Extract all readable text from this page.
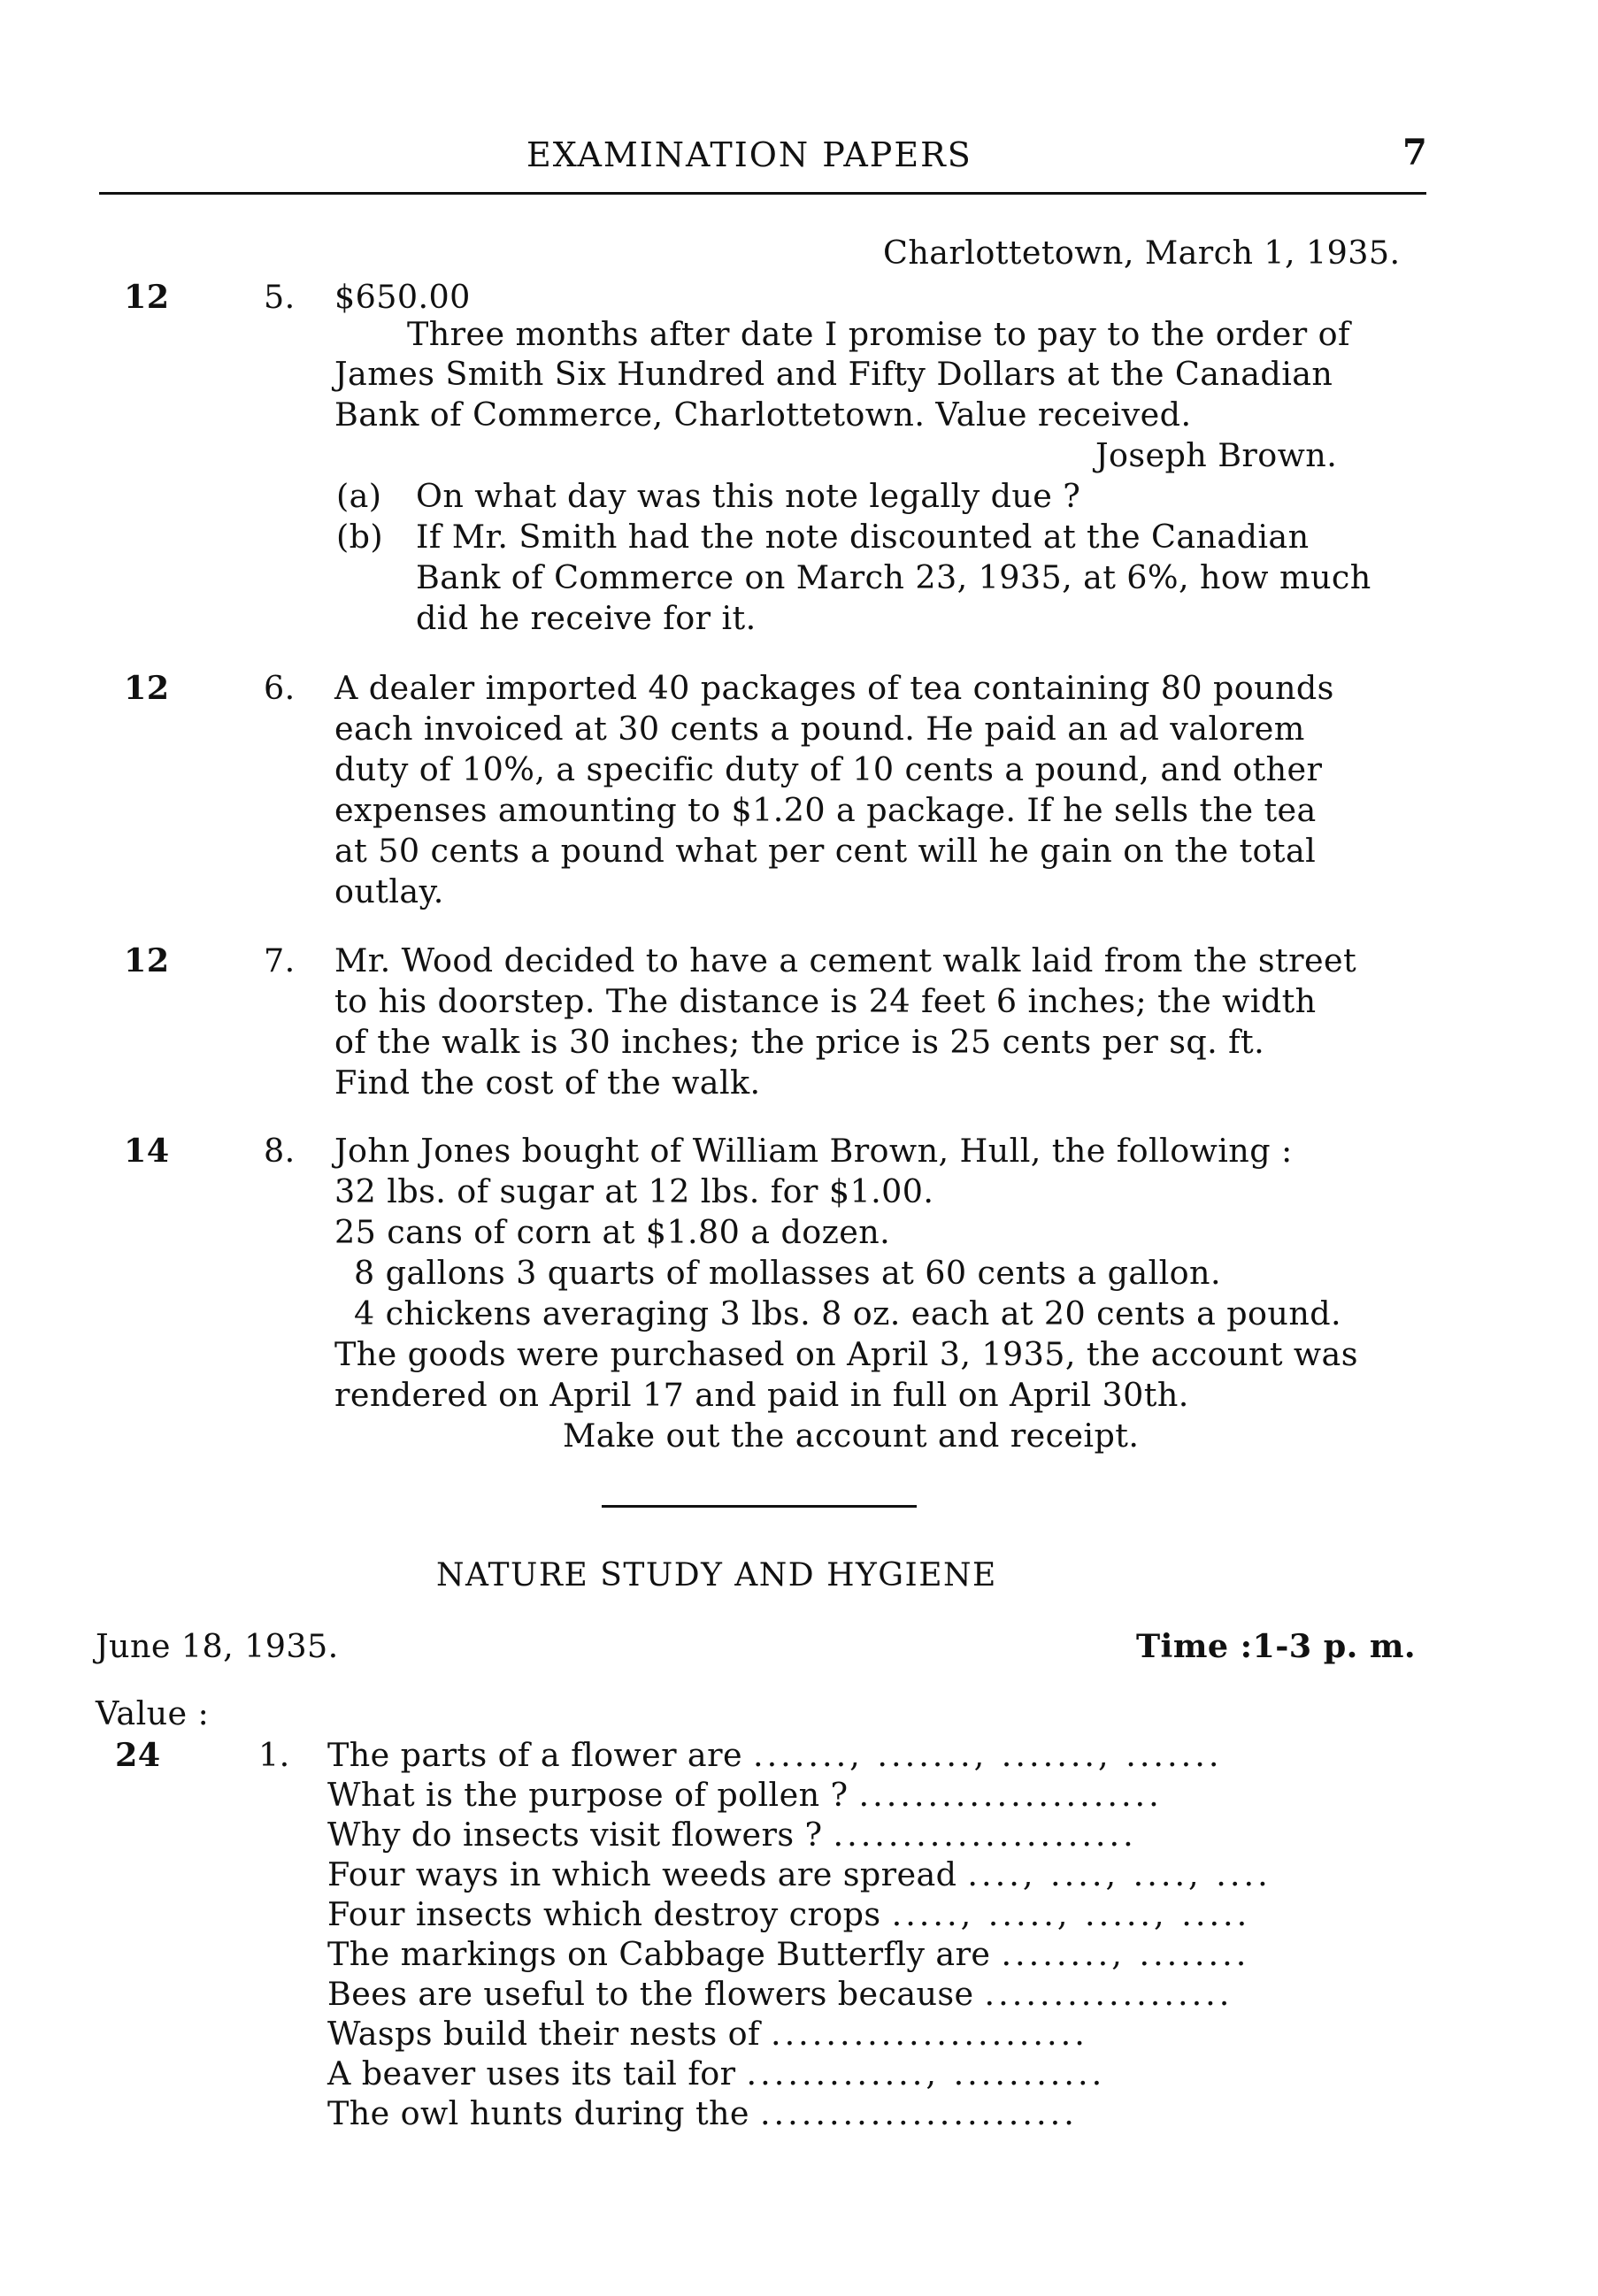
EXAMINATION PAPERS	7
Charlottetown, March 1, 1935.
12	5. $650.00
Three months after date I promise to pay to the order of
James Smith Six Hundred and Fifty Dollars at the Canadian
Bank of Commerce, Charlottetown. Value received.
Joseph Brown.
(a) On what day was this note legally due ?
(b) If Mr. Smith had the note discounted at the Canadian
Bank of Commerce on March 23, 1935, at 6%, how much
did he receive for it.
12	6. A dealer imported 40 packages of tea containing 80 pounds
each invoiced at 30 cents a pound. He paid an ad valorem
duty of 10%, a specific duty of 10 cents a pound, and other
expenses amounting to $1.20 a package. If he sells the tea
at 50 cents a pound what per cent will he gain on the total
outlay.
12	7. Mr. Wood decided to have a cement walk laid from the street
to his doorstep. The distance is 24 feet 6 inches; the width
of the walk is 30 inches; the price is 25 cents per sq. ft.
Find the cost of the walk.
14	8. John Jones bought of William Brown, Hull, the following :
32 lbs. of sugar at 12 lbs. for $1.00.
25 cans of corn at $1.80 a dozen.
8 gallons 3 quarts of mollasses at 60 cents a gallon.
4 chickens averaging 3 lbs. 8 oz. each at 20 cents a pound.
The goods were purchased on April 3, 1935, the account was
rendered on April 17 and paid in full on April 30th.
Make out the account and receipt.
NATURE STUDY AND HYGIENE
June 18, 1935.	Time :1-3 p. m.
Value :
24	1. The parts of a flower are ......., ......., ......., .......
What is the purpose of pollen ? ......................
Why do insects visit flowers ? ......................
Four ways in which weeds are spread ...., ...., ...., ....
Four insects which destroy crops ....., ....., ....., .....
The markings on Cabbage Butterfly are ........, ........
Bees are useful to the flowers because ..................
Wasps build their nests of .......................
A beaver uses its tail for ............., ...........
The owl hunts during the .......................
